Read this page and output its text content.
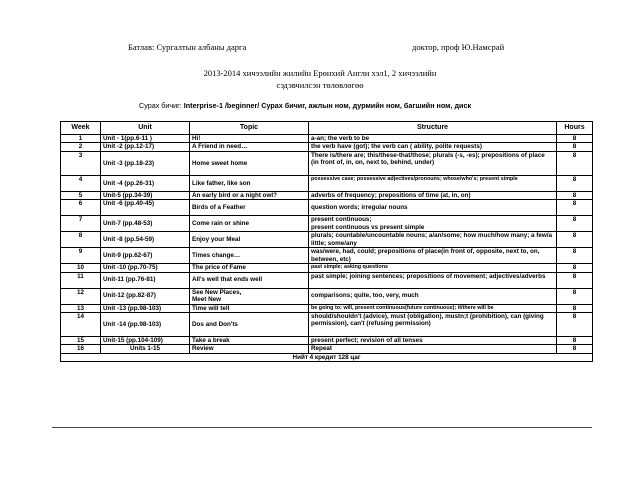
Батлав: Сургалтын албаны дарга	доктор, проф Ю.Намсрай
2013-2014 хичээлийн жилийн Ерөнхий Англи хэл1, 2 хичээлийн
сэдэвчилсэн төлөвлөгөө
Сурах бичиг: Interprise-1 /beginner/ Сурах бичиг, ажлын ном, дурмийн ном, багшийн ном, диск
Week	Unit	Topic	Structure	Hours
1	Unit - 1(pp.6-11 )	Hi!	a-an; the verb to be	8
2	Unit -2 (pp.12-17)	A Friend in need…	the verb have (got); the verb can ( ability, polite requests)	8
3	Unit -3 (pp.18-23)	Home sweet home	There is/there are; this/these-that/those; plurals (-s, -es); prepositions of place (in front of, in, on, next to, behind, under)	8
4	Unit -4 (pp.26-31)	Like father, like son	possessive case; possessive adjectives/pronouns; whose/who's; present simple	8
5	Unit-5 (pp.34-39)	An early bird or a night owl?	adverbs of frequency; prepositions of time (at, in, on)	8
6	Unit -6 (pp.40-45)	Birds of a Feather	question words; irregular nouns	8
7	Unit-7 (pp.48-53)	Come rain or shine	present continuous;
present continuous vs present simple	8
8	Unit -8 (pp.54-59)	Enjoy your Meal	plurals; countable/uncountable nouns; a/an/some; how much/how many; a few/a little; some/any	8
9	Unit-9 (pp.62-67)	Times change…	was/were, had, could; prepositions of place(in front of, opposite, next to, on, between, etc)	8
10	Unit -10 (pp.70-75)	The price of Fame	past simple; asking questions	8
11	Unit-11 (pp.76-81)	All's well that ends well	past simple; joining sentences; prepositions of movement; adjectives/adverbs	8
12	Unit-12 (pp.82-87)	See New Places,
Meet New	comparisons; quite, too, very, much	8
13	Unit -13 (pp.98-103)	Time will tell	be going to; will, present continuous(future continuous); it/there will be	8
14	Unit -14 (pp.98-103)	Dos and Don'ts	should/shouldn't (advice), must (obligation), mustn;t (prohibition), can (giving permission), can't (refusing permission)	8
15	Unit-15 (pp.104-109)	Take a break	present perfect; revision of all tenses	8
16	Units 1-15	Review	Repeat	8
Нийт 4 кредит 128 цаг				
